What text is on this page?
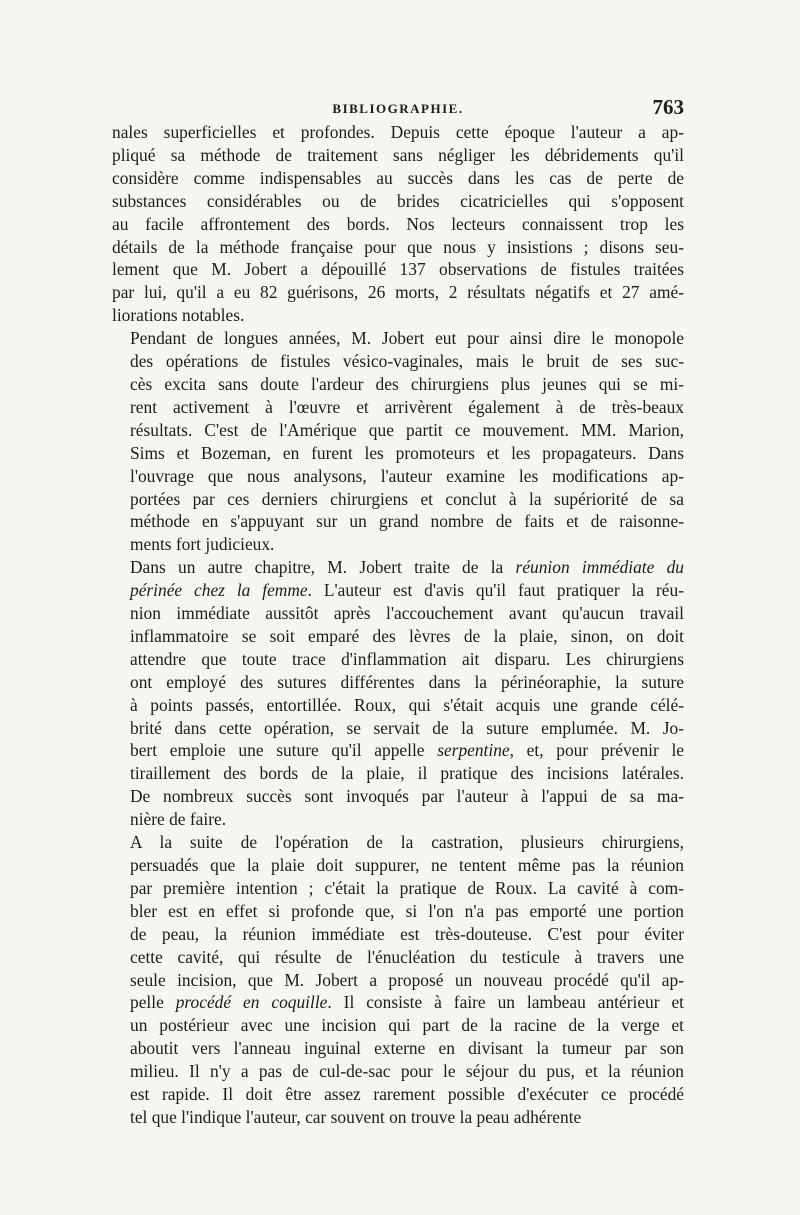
BIBLIOGRAPHIE.	763

nales superficielles et profondes. Depuis cette époque l'auteur a ap-
pliqué sa méthode de traitement sans négliger les débridements qu'il
considère comme indispensables au succès dans les cas de perte de
substances considérables ou de brides cicatricielles qui s'opposent
au facile affrontement des bords. Nos lecteurs connaissent trop les
détails de la méthode française pour que nous y insistions ; disons seu-
lement que M. Jobert a dépouillé 137 observations de fistules traitées
par lui, qu'il a eu 82 guérisons, 26 morts, 2 résultats négatifs et 27 amé-
liorations notables.

Pendant de longues années, M. Jobert eut pour ainsi dire le monopole
des opérations de fistules vésico-vaginales, mais le bruit de ses suc-
cès excita sans doute l'ardeur des chirurgiens plus jeunes qui se mi-
rent activement à l'œuvre et arrivèrent également à de très-beaux
résultats. C'est de l'Amérique que partit ce mouvement. MM. Marion,
Sims et Bozeman, en furent les promoteurs et les propagateurs. Dans
l'ouvrage que nous analysons, l'auteur examine les modifications ap-
portées par ces derniers chirurgiens et conclut à la supériorité de sa
méthode en s'appuyant sur un grand nombre de faits et de raisonne-
ments fort judicieux.

Dans un autre chapitre, M. Jobert traite de la réunion immédiate du
périnée chez la femme. L'auteur est d'avis qu'il faut pratiquer la réu-
nion immédiate aussitôt après l'accouchement avant qu'aucun travail
inflammatoire se soit emparé des lèvres de la plaie, sinon, on doit
attendre que toute trace d'inflammation ait disparu. Les chirurgiens
ont employé des sutures différentes dans la périnéoraphie, la suture
à points passés, entortillée. Roux, qui s'était acquis une grande célé-
brité dans cette opération, se servait de la suture emplumée. M. Jo-
bert emploie une suture qu'il appelle serpentine, et, pour prévenir le
tiraillement des bords de la plaie, il pratique des incisions latérales.
De nombreux succès sont invoqués par l'auteur à l'appui de sa ma-
nière de faire.

A la suite de l'opération de la castration, plusieurs chirurgiens,
persuadés que la plaie doit suppurer, ne tentent même pas la réunion
par première intention ; c'était la pratique de Roux. La cavité à com-
bler est en effet si profonde que, si l'on n'a pas emporté une portion
de peau, la réunion immédiate est très-douteuse. C'est pour éviter
cette cavité, qui résulte de l'énucléation du testicule à travers une
seule incision, que M. Jobert a proposé un nouveau procédé qu'il ap-
pelle procédé en coquille. Il consiste à faire un lambeau antérieur et
un postérieur avec une incision qui part de la racine de la verge et
aboutit vers l'anneau inguinal externe en divisant la tumeur par son
milieu. Il n'y a pas de cul-de-sac pour le séjour du pus, et la réunion
est rapide. Il doit être assez rarement possible d'exécuter ce procédé
tel que l'indique l'auteur, car souvent on trouve la peau adhérente
